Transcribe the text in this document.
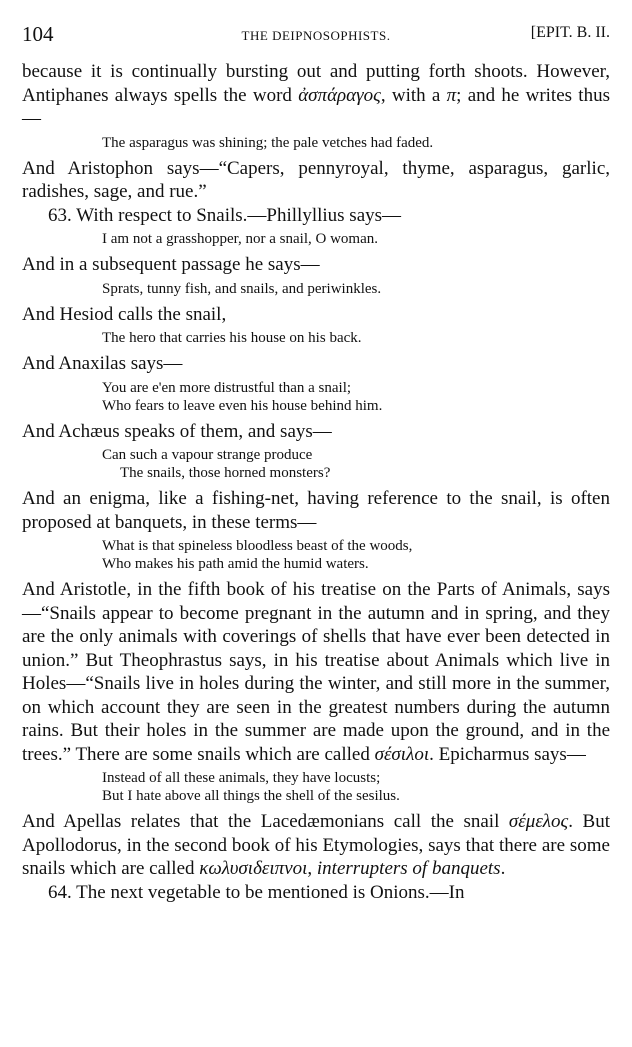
104	THE DEIPNOSOPHISTS.	[EPIT. B. II.

because it is continually bursting out and putting forth shoots. However, Antiphanes always spells the word ἀσπάραγος, with a π; and he writes thus—

The asparagus was shining; the pale vetches had faded.

And Aristophon says—“Capers, pennyroyal, thyme, asparagus, garlic, radishes, sage, and rue.”

63. With respect to Snails.—Phillyllius says—

I am not a grasshopper, nor a snail, O woman.

And in a subsequent passage he says—

Sprats, tunny fish, and snails, and periwinkles.

And Hesiod calls the snail,

The hero that carries his house on his back.

And Anaxilas says—

You are e'en more distrustful than a snail;
Who fears to leave even his house behind him.

And Achæus speaks of them, and says—

Can such a vapour strange produce
The snails, those horned monsters?

And an enigma, like a fishing-net, having reference to the snail, is often proposed at banquets, in these terms—

What is that spineless bloodless beast of the woods,
Who makes his path amid the humid waters.

And Aristotle, in the fifth book of his treatise on the Parts of Animals, says—“Snails appear to become pregnant in the autumn and in spring, and they are the only animals with coverings of shells that have ever been detected in union.” But Theophrastus says, in his treatise about Animals which live in Holes—“Snails live in holes during the winter, and still more in the summer, on which account they are seen in the greatest numbers during the autumn rains. But their holes in the summer are made upon the ground, and in the trees.” There are some snails which are called σέσιλοι. Epicharmus says—

Instead of all these animals, they have locusts;
But I hate above all things the shell of the sesilus.

And Apellas relates that the Lacedæmonians call the snail σέμελος. But Apollodorus, in the second book of his Etymologies, says that there are some snails which are called κωλυσιδειπνοι, interrupters of banquets.

64. The next vegetable to be mentioned is Onions.—In
